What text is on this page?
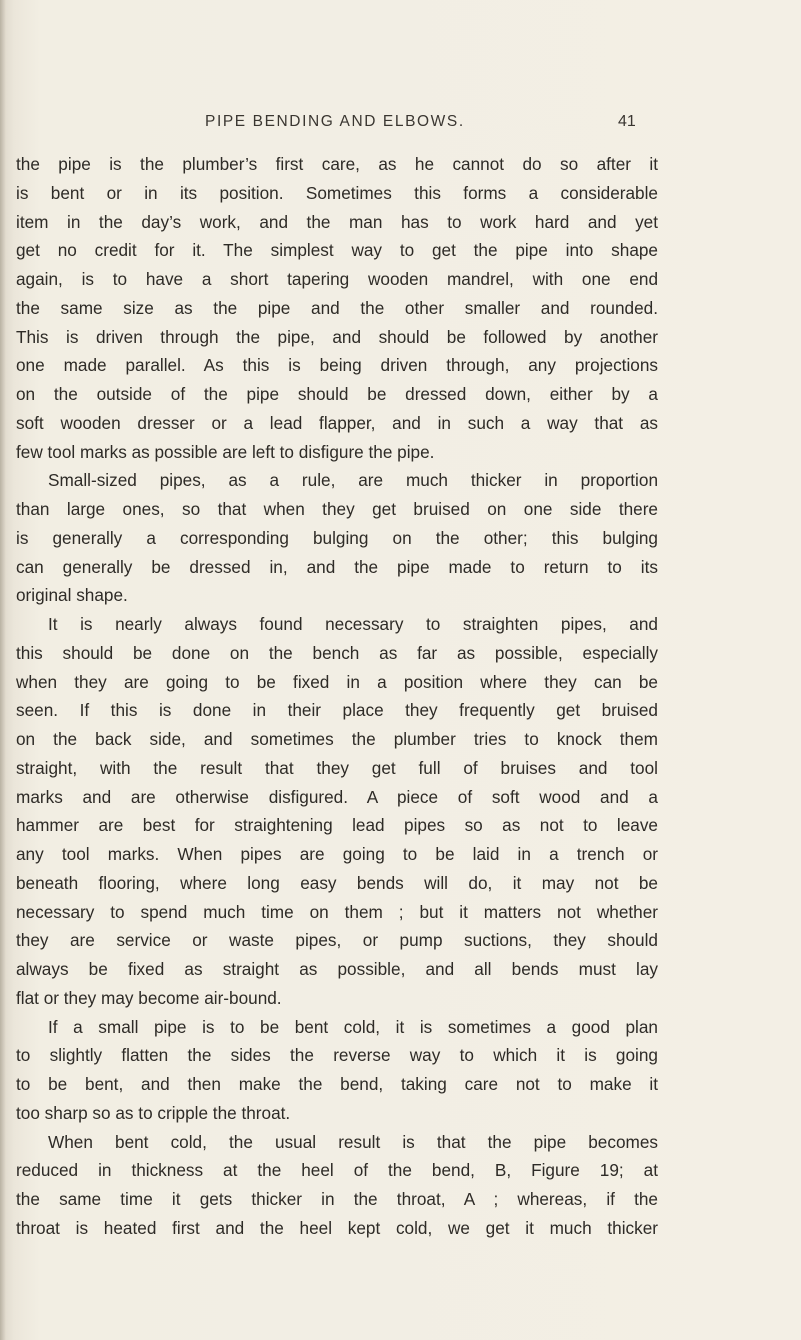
PIPE BENDING AND ELBOWS.	41
the pipe is the plumber’s first care, as he cannot do so after it
is bent or in its position. Sometimes this forms a considerable
item in the day’s work, and the man has to work hard and yet
get no credit for it. The simplest way to get the pipe into shape
again, is to have a short tapering wooden mandrel, with one end
the same size as the pipe and the other smaller and rounded.
This is driven through the pipe, and should be followed by another
one made parallel. As this is being driven through, any projections
on the outside of the pipe should be dressed down, either by a
soft wooden dresser or a lead flapper, and in such a way that as
few tool marks as possible are left to disfigure the pipe.
Small-sized pipes, as a rule, are much thicker in proportion
than large ones, so that when they get bruised on one side there
is generally a corresponding bulging on the other; this bulging
can generally be dressed in, and the pipe made to return to its
original shape.
It is nearly always found necessary to straighten pipes, and
this should be done on the bench as far as possible, especially
when they are going to be fixed in a position where they can be
seen. If this is done in their place they frequently get bruised
on the back side, and sometimes the plumber tries to knock them
straight, with the result that they get full of bruises and tool
marks and are otherwise disfigured. A piece of soft wood and a
hammer are best for straightening lead pipes so as not to leave
any tool marks. When pipes are going to be laid in a trench or
beneath flooring, where long easy bends will do, it may not be
necessary to spend much time on them ; but it matters not whether
they are service or waste pipes, or pump suctions, they should
always be fixed as straight as possible, and all bends must lay
flat or they may become air-bound.
If a small pipe is to be bent cold, it is sometimes a good plan
to slightly flatten the sides the reverse way to which it is going
to be bent, and then make the bend, taking care not to make it
too sharp so as to cripple the throat.
When bent cold, the usual result is that the pipe becomes
reduced in thickness at the heel of the bend, B, Figure 19; at
the same time it gets thicker in the throat, A ; whereas, if the
throat is heated first and the heel kept cold, we get it much thicker
